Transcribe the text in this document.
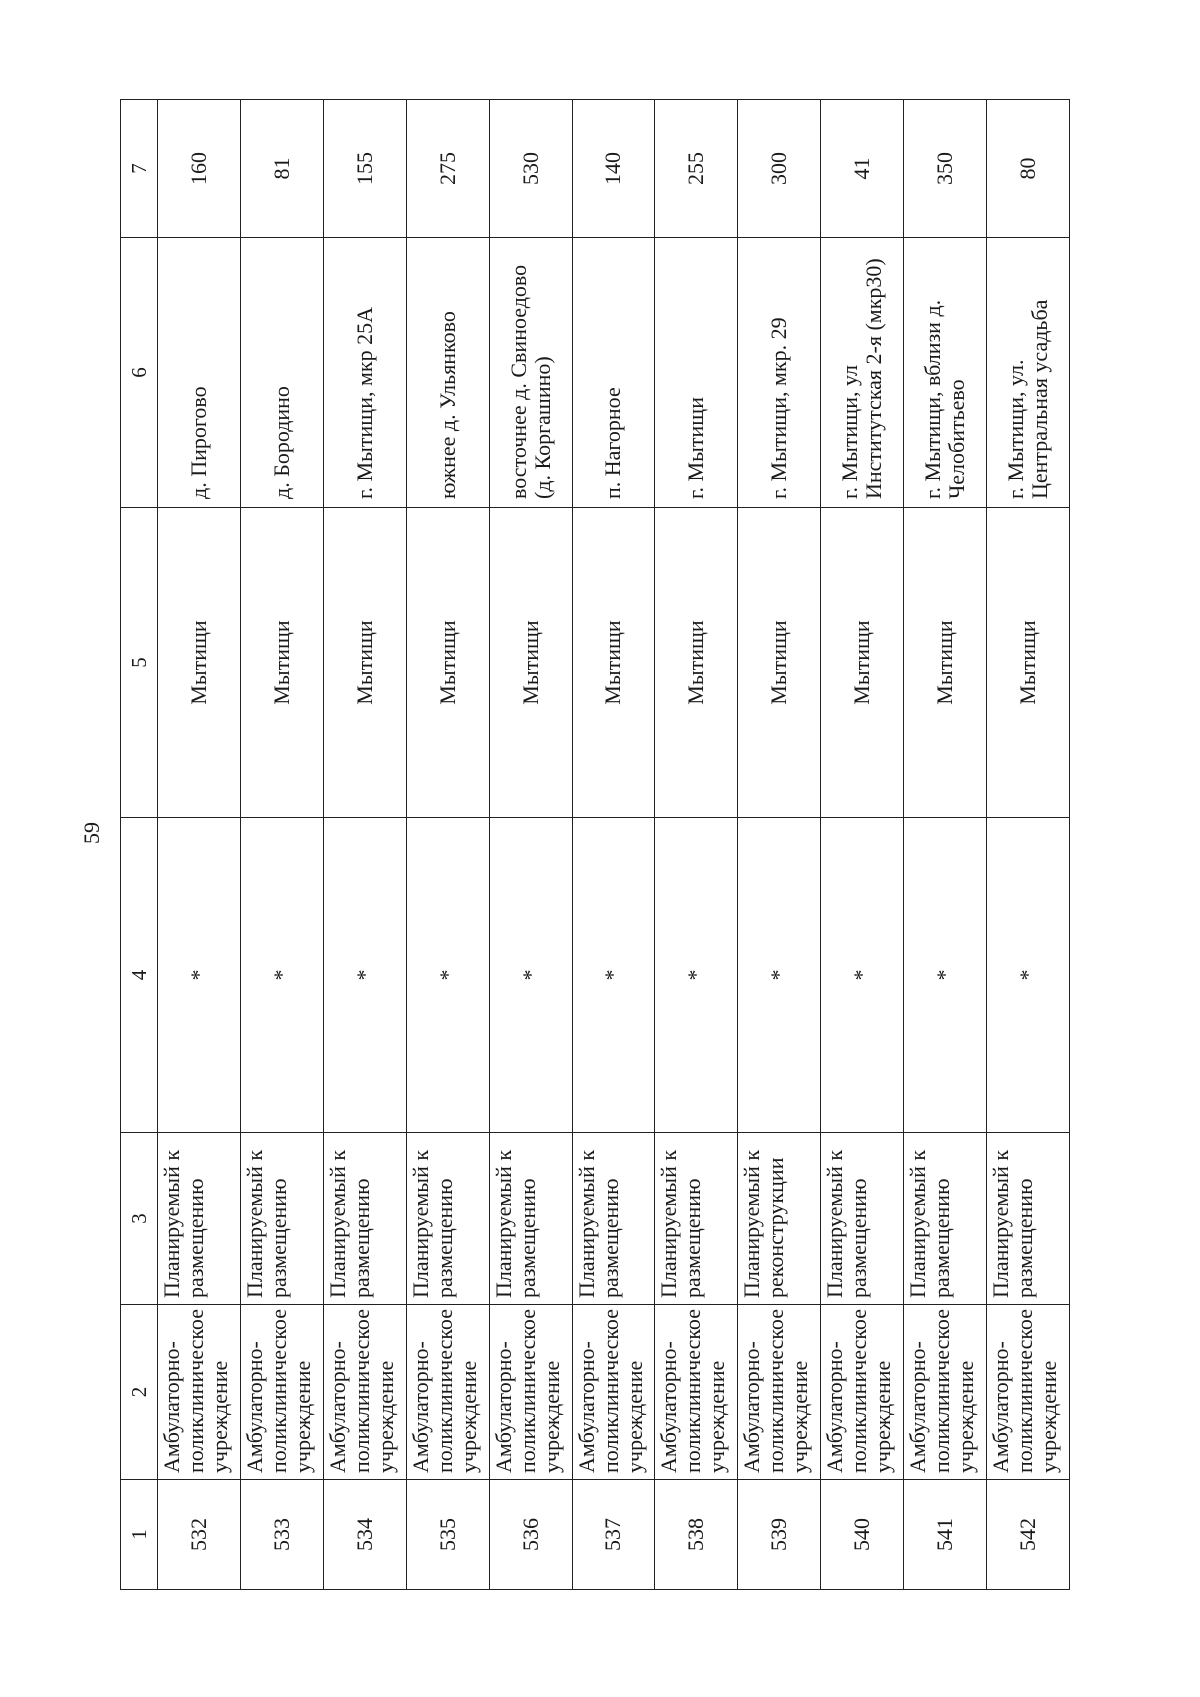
59
1	2	3	4	5	6	7
532	Амбулаторно-поликлиническое учреждение	Планируемый к размещению	*	Мытищи	д. Пирогово	160
533	Амбулаторно-поликлиническое учреждение	Планируемый к размещению	*	Мытищи	д. Бородино	81
534	Амбулаторно-поликлиническое учреждение	Планируемый к размещению	*	Мытищи	г. Мытищи, мкр 25А	155
535	Амбулаторно-поликлиническое учреждение	Планируемый к размещению	*	Мытищи	южнее д. Ульянково	275
536	Амбулаторно-поликлиническое учреждение	Планируемый к размещению	*	Мытищи	восточнее д. Свиноедово (д. Коргашино)	530
537	Амбулаторно-поликлиническое учреждение	Планируемый к размещению	*	Мытищи	п. Нагорное	140
538	Амбулаторно-поликлиническое учреждение	Планируемый к размещению	*	Мытищи	г. Мытищи	255
539	Амбулаторно-поликлиническое учреждение	Планируемый к реконструкции	*	Мытищи	г. Мытищи, мкр. 29	300
540	Амбулаторно-поликлиническое учреждение	Планируемый к размещению	*	Мытищи	г. Мытищи, ул Институтская 2-я (мкр30)	41
541	Амбулаторно-поликлиническое учреждение	Планируемый к размещению	*	Мытищи	г. Мытищи, вблизи д. Челобитьево	350
542	Амбулаторно-поликлиническое учреждение	Планируемый к размещению	*	Мытищи	г. Мытищи, ул. Центральная усадьба	80
